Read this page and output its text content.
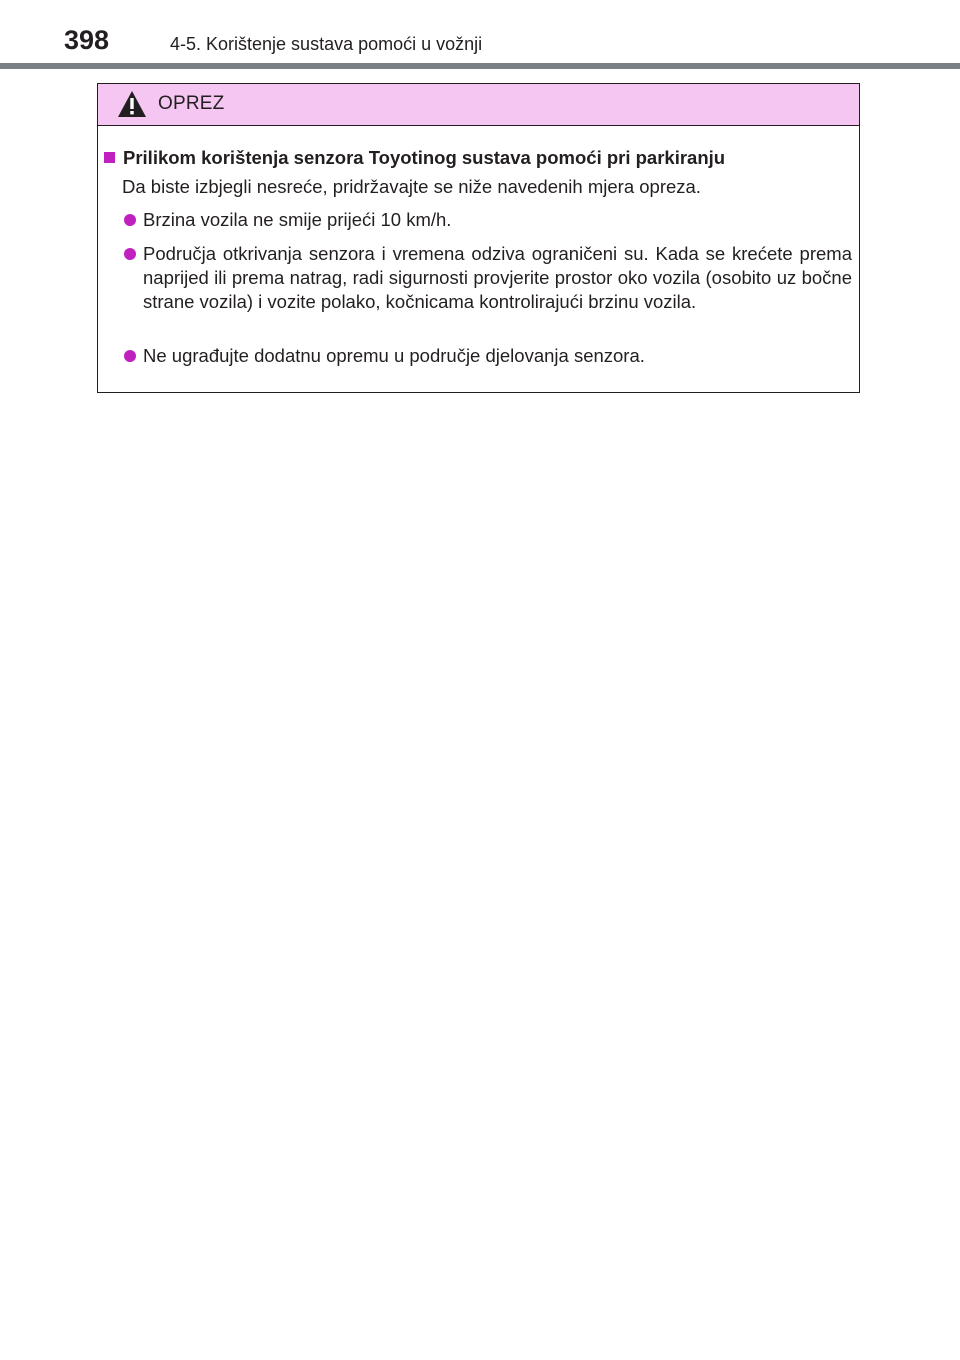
398	4-5. Korištenje sustava pomoći u vožnji
OPREZ
Prilikom korištenja senzora Toyotinog sustava pomoći pri parkiranju
Da biste izbjegli nesreće, pridržavajte se niže navedenih mjera opreza.
Brzina vozila ne smije prijeći 10 km/h.
Područja otkrivanja senzora i vremena odziva ograničeni su. Kada se krećete prema naprijed ili prema natrag, radi sigurnosti provjerite prostor oko vozila (osobito uz bočne strane vozila) i vozite polako, kočnicama kontrolirajući brzinu vozila.
Ne ugrađujte dodatnu opremu u područje djelovanja senzora.
